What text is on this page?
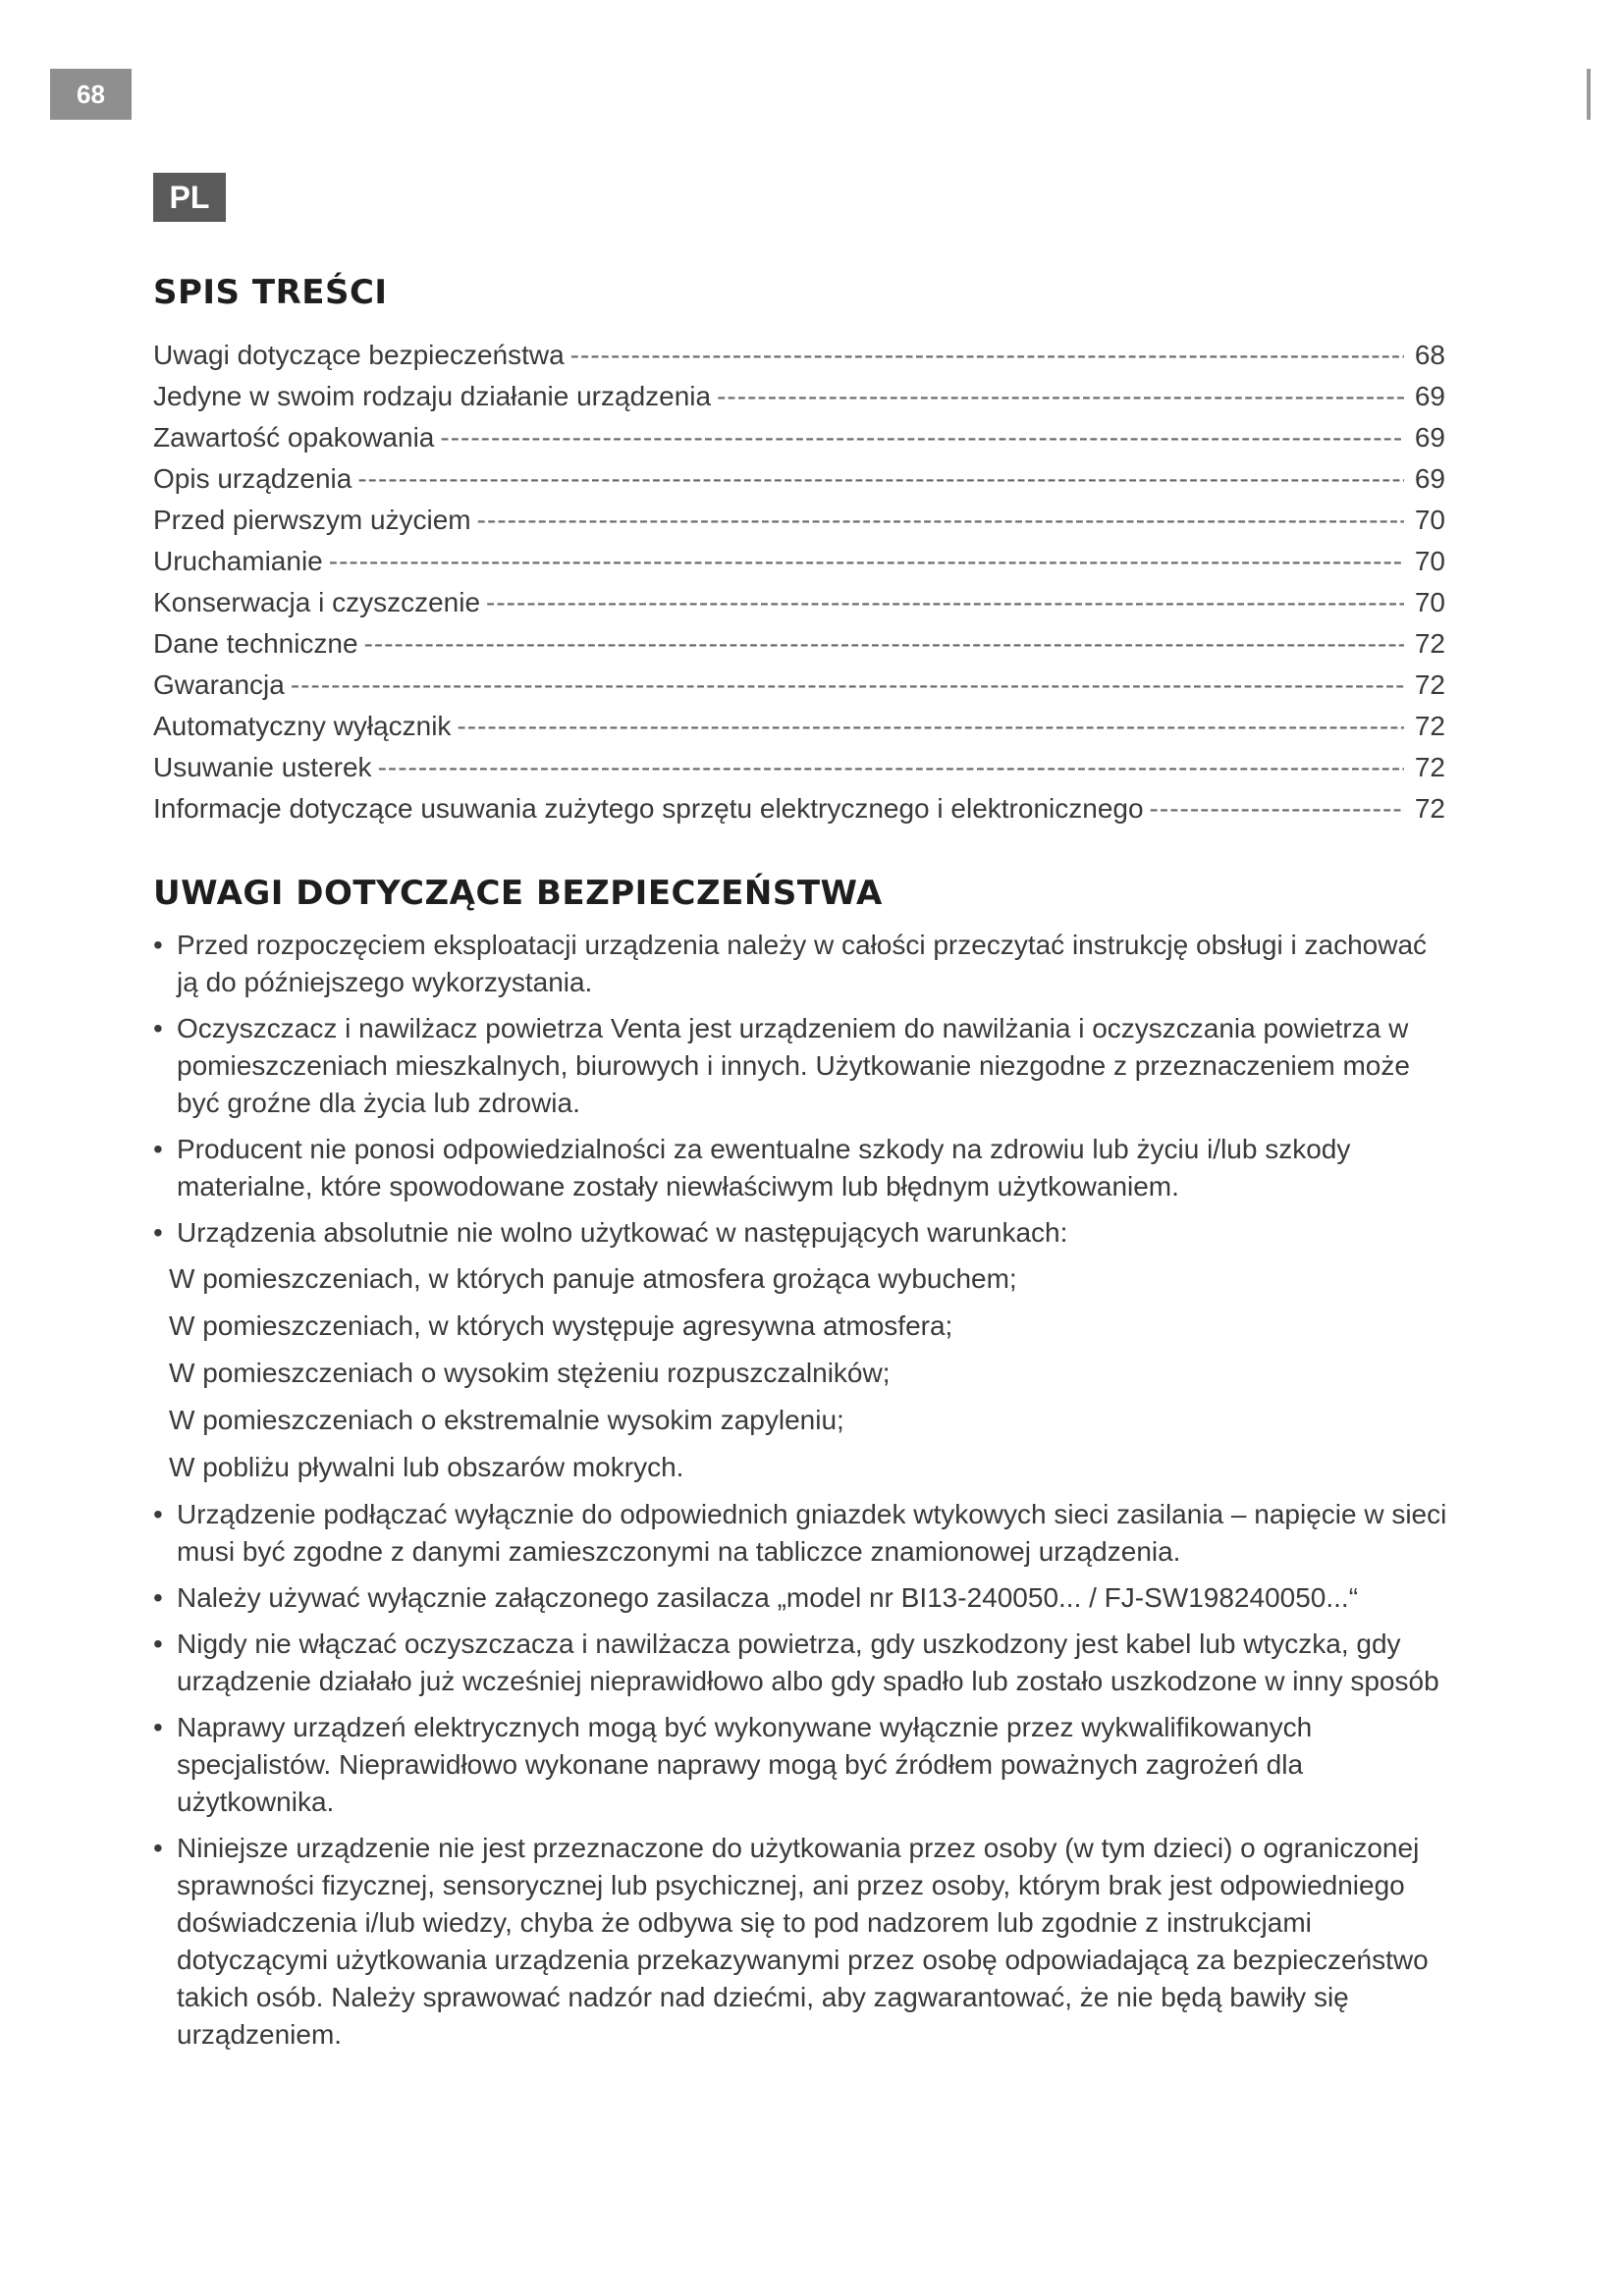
68
PL
SPIS TREŚCI
Uwagi dotyczące bezpieczeństwa -----	68
Jedyne w swoim rodzaju działanie urządzenia -----	69
Zawartość opakowania -----	69
Opis urządzenia -----	69
Przed pierwszym użyciem -----	70
Uruchamianie -----	70
Konserwacja i czyszczenie -----	70
Dane techniczne -----	72
Gwarancja -----	72
Automatyczny wyłącznik -----	72
Usuwanie usterek -----	72
Informacje dotyczące usuwania zużytego sprzętu elektrycznego i elektronicznego -----	72
UWAGI DOTYCZĄCE BEZPIECZEŃSTWA
• Przed rozpoczęciem eksploatacji urządzenia należy w całości przeczytać instrukcję obsługi i zachować ją do późniejszego wykorzystania.
• Oczyszczacz i nawilżacz powietrza Venta jest urządzeniem do nawilżania i oczyszczania powietrza w pomieszczeniach mieszkalnych, biurowych i innych. Użytkowanie niezgodne z przeznaczeniem może być groźne dla życia lub zdrowia.
• Producent nie ponosi odpowiedzialności za ewentualne szkody na zdrowiu lub życiu i/lub szkody materialne, które spowodowane zostały niewłaściwym lub błędnym użytkowaniem.
• Urządzenia absolutnie nie wolno użytkować w następujących warunkach:
W pomieszczeniach, w których panuje atmosfera grożąca wybuchem;
W pomieszczeniach, w których występuje agresywna atmosfera;
W pomieszczeniach o wysokim stężeniu rozpuszczalników;
W pomieszczeniach o ekstremalnie wysokim zapyleniu;
W pobliżu pływalni lub obszarów mokrych.
• Urządzenie podłączać wyłącznie do odpowiednich gniazdek wtykowych sieci zasilania – napięcie w sieci musi być zgodne z danymi zamieszczonymi na tabliczce znamionowej urządzenia.
• Należy używać wyłącznie załączonego zasilacza „model nr BI13-240050... / FJ-SW198240050...“
• Nigdy nie włączać oczyszczacza i nawilżacza powietrza, gdy uszkodzony jest kabel lub wtyczka, gdy urządzenie działało już wcześniej nieprawidłowo albo gdy spadło lub zostało uszkodzone w inny sposób
• Naprawy urządzeń elektrycznych mogą być wykonywane wyłącznie przez wykwalifikowanych specjalistów. Nieprawidłowo wykonane naprawy mogą być źródłem poważnych zagrożeń dla użytkownika.
• Niniejsze urządzenie nie jest przeznaczone do użytkowania przez osoby (w tym dzieci) o ograniczonej sprawności fizycznej, sensorycznej lub psychicznej, ani przez osoby, którym brak jest odpowiedniego doświadczenia i/lub wiedzy, chyba że odbywa się to pod nadzorem lub zgodnie z instrukcjami dotyczącymi użytkowania urządzenia przekazywanymi przez osobę odpowiadającą za bezpieczeństwo takich osób. Należy sprawować nadzór nad dziećmi, aby zagwarantować, że nie będą bawiły się urządzeniem.
